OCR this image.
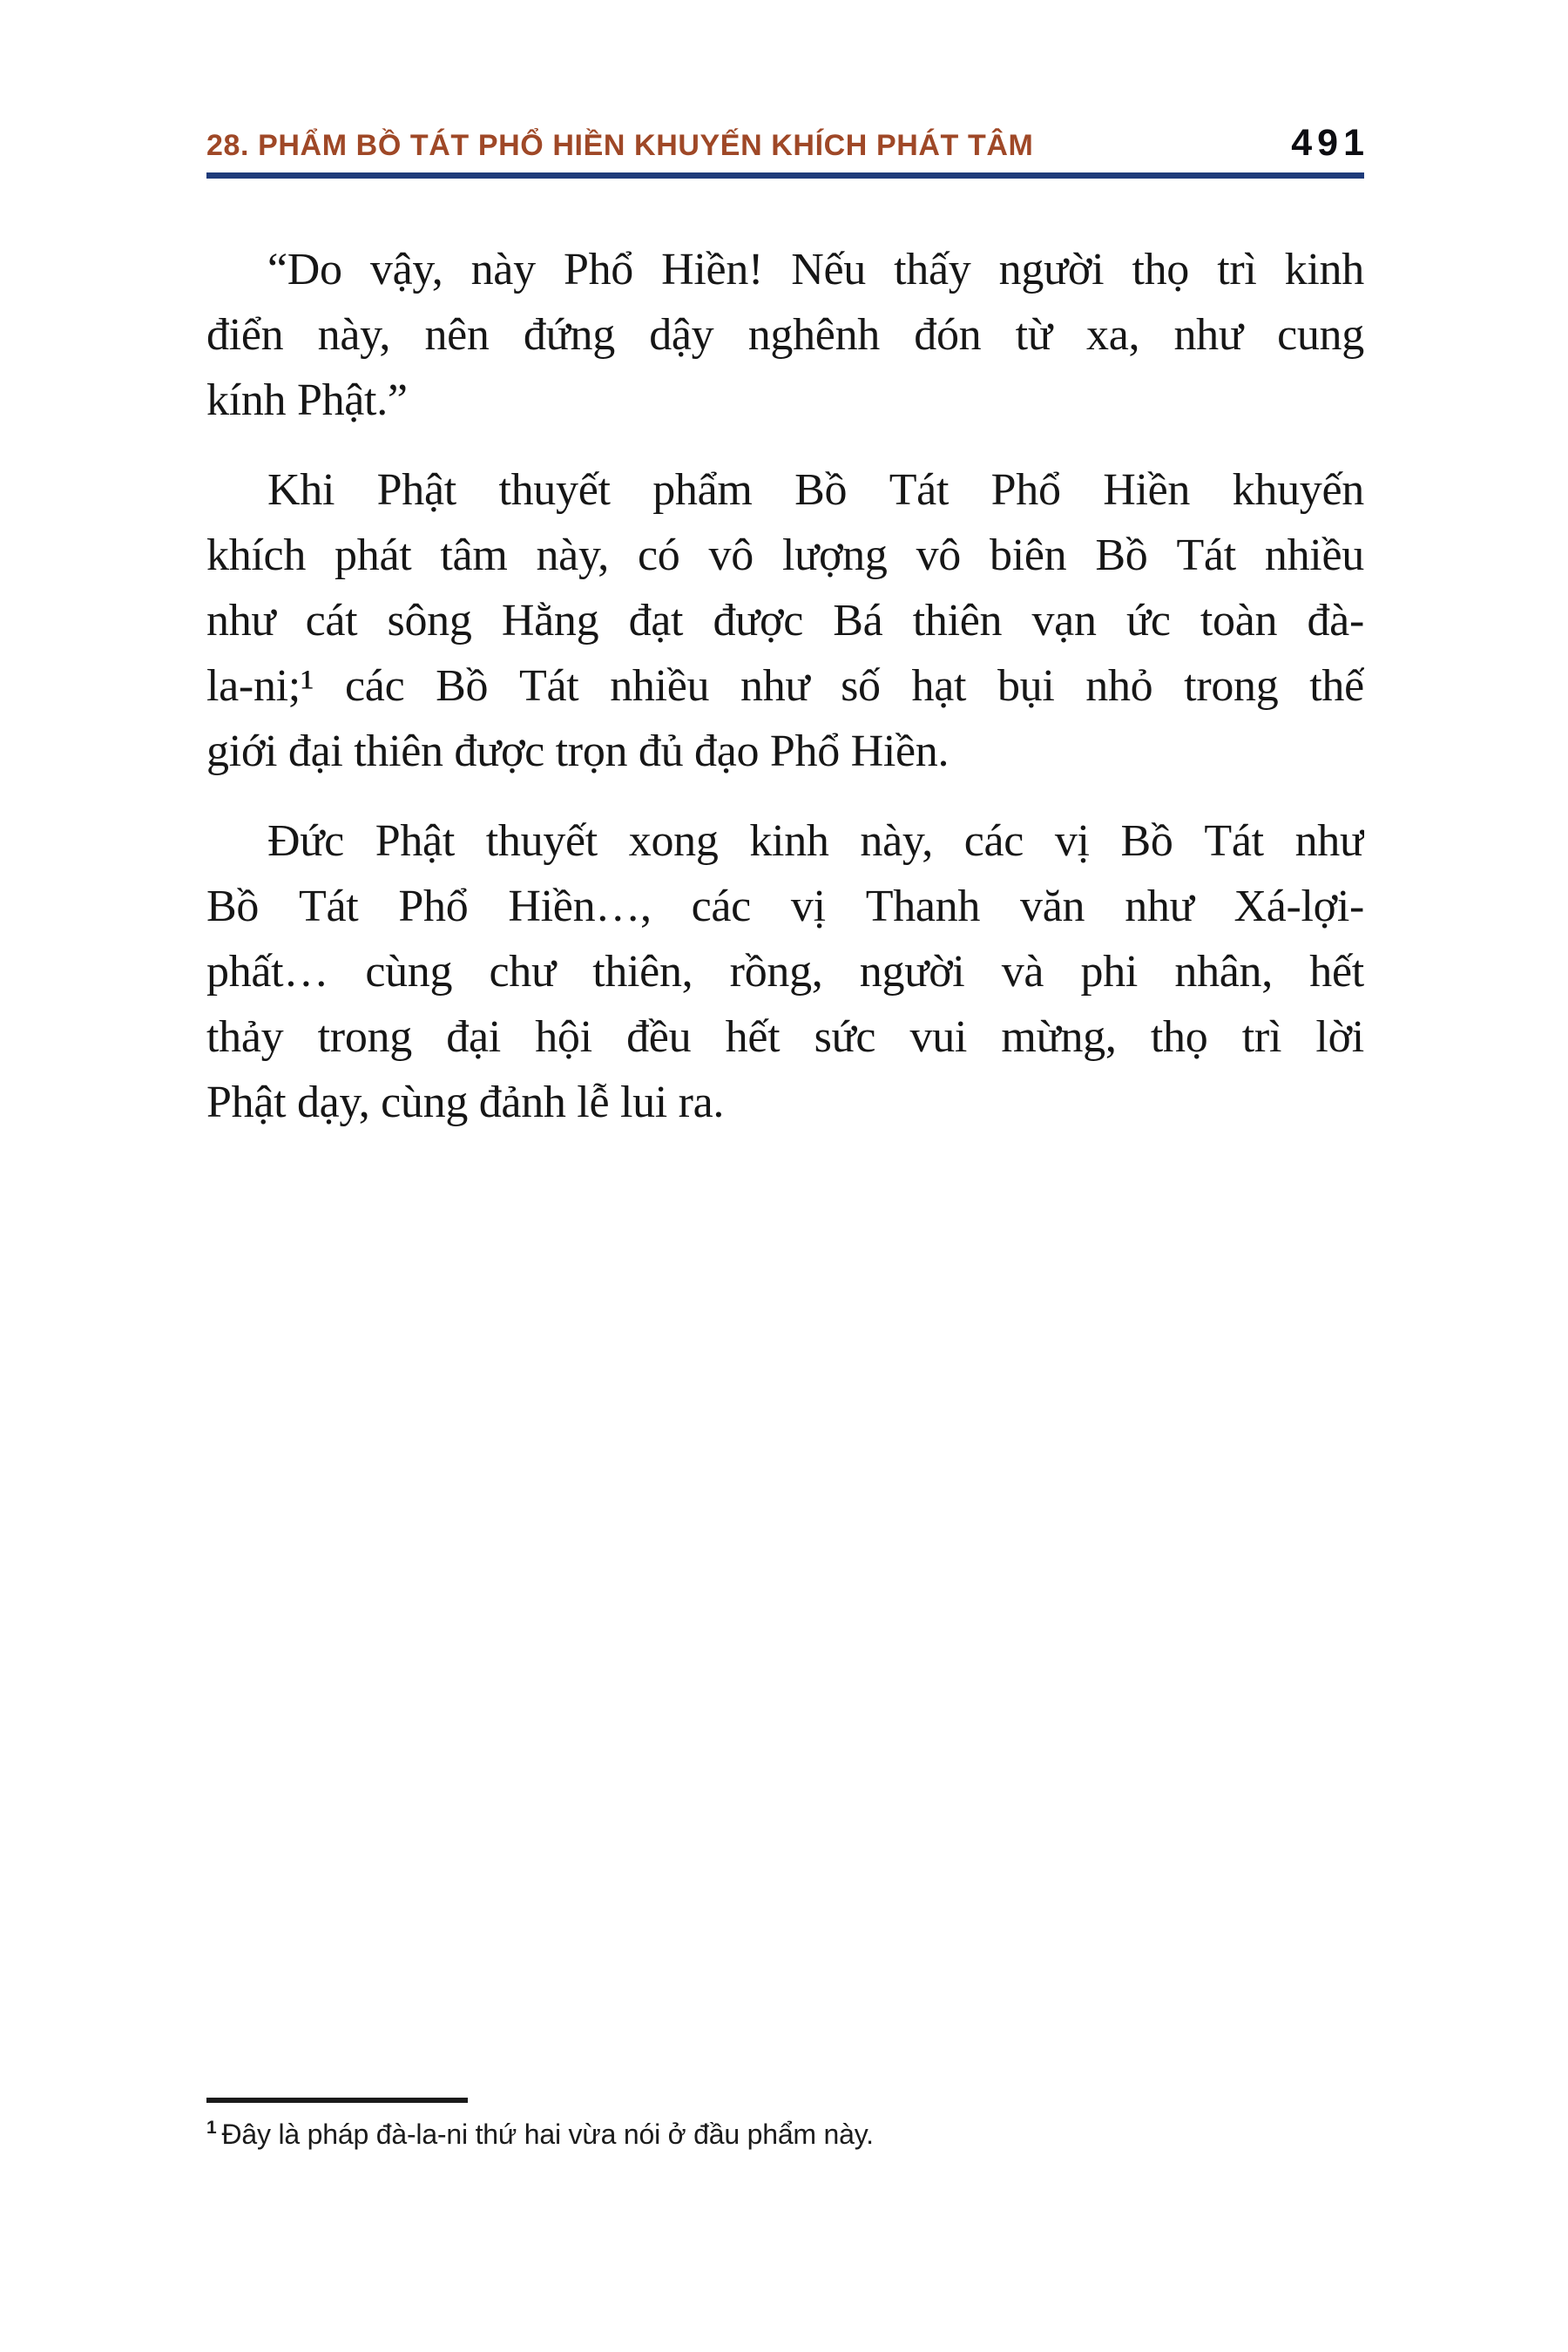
28. PHẨM BỒ TÁT PHỔ HIỀN KHUYẾN KHÍCH PHÁT TÂM	491
“Do vậy, này Phổ Hiền! Nếu thấy người thọ trì kinh
điển này, nên đứng dậy nghênh đón từ xa, như cung
kính Phật.”
Khi Phật thuyết phẩm Bồ Tát Phổ Hiền khuyến
khích phát tâm này, có vô lượng vô biên Bồ Tát nhiều
như cát sông Hằng đạt được Bá thiên vạn ức toàn đà-
la-ni;¹ các Bồ Tát nhiều như số hạt bụi nhỏ trong thế
giới đại thiên được trọn đủ đạo Phổ Hiền.
Đức Phật thuyết xong kinh này, các vị Bồ Tát như
Bồ Tát Phổ Hiền…, các vị Thanh văn như Xá-lợi-
phất… cùng chư thiên, rồng, người và phi nhân, hết
thảy trong đại hội đều hết sức vui mừng, thọ trì lời
Phật dạy, cùng đảnh lễ lui ra.

$^1$ Đây là pháp đà-la-ni thứ hai vừa nói ở đầu phẩm này.
